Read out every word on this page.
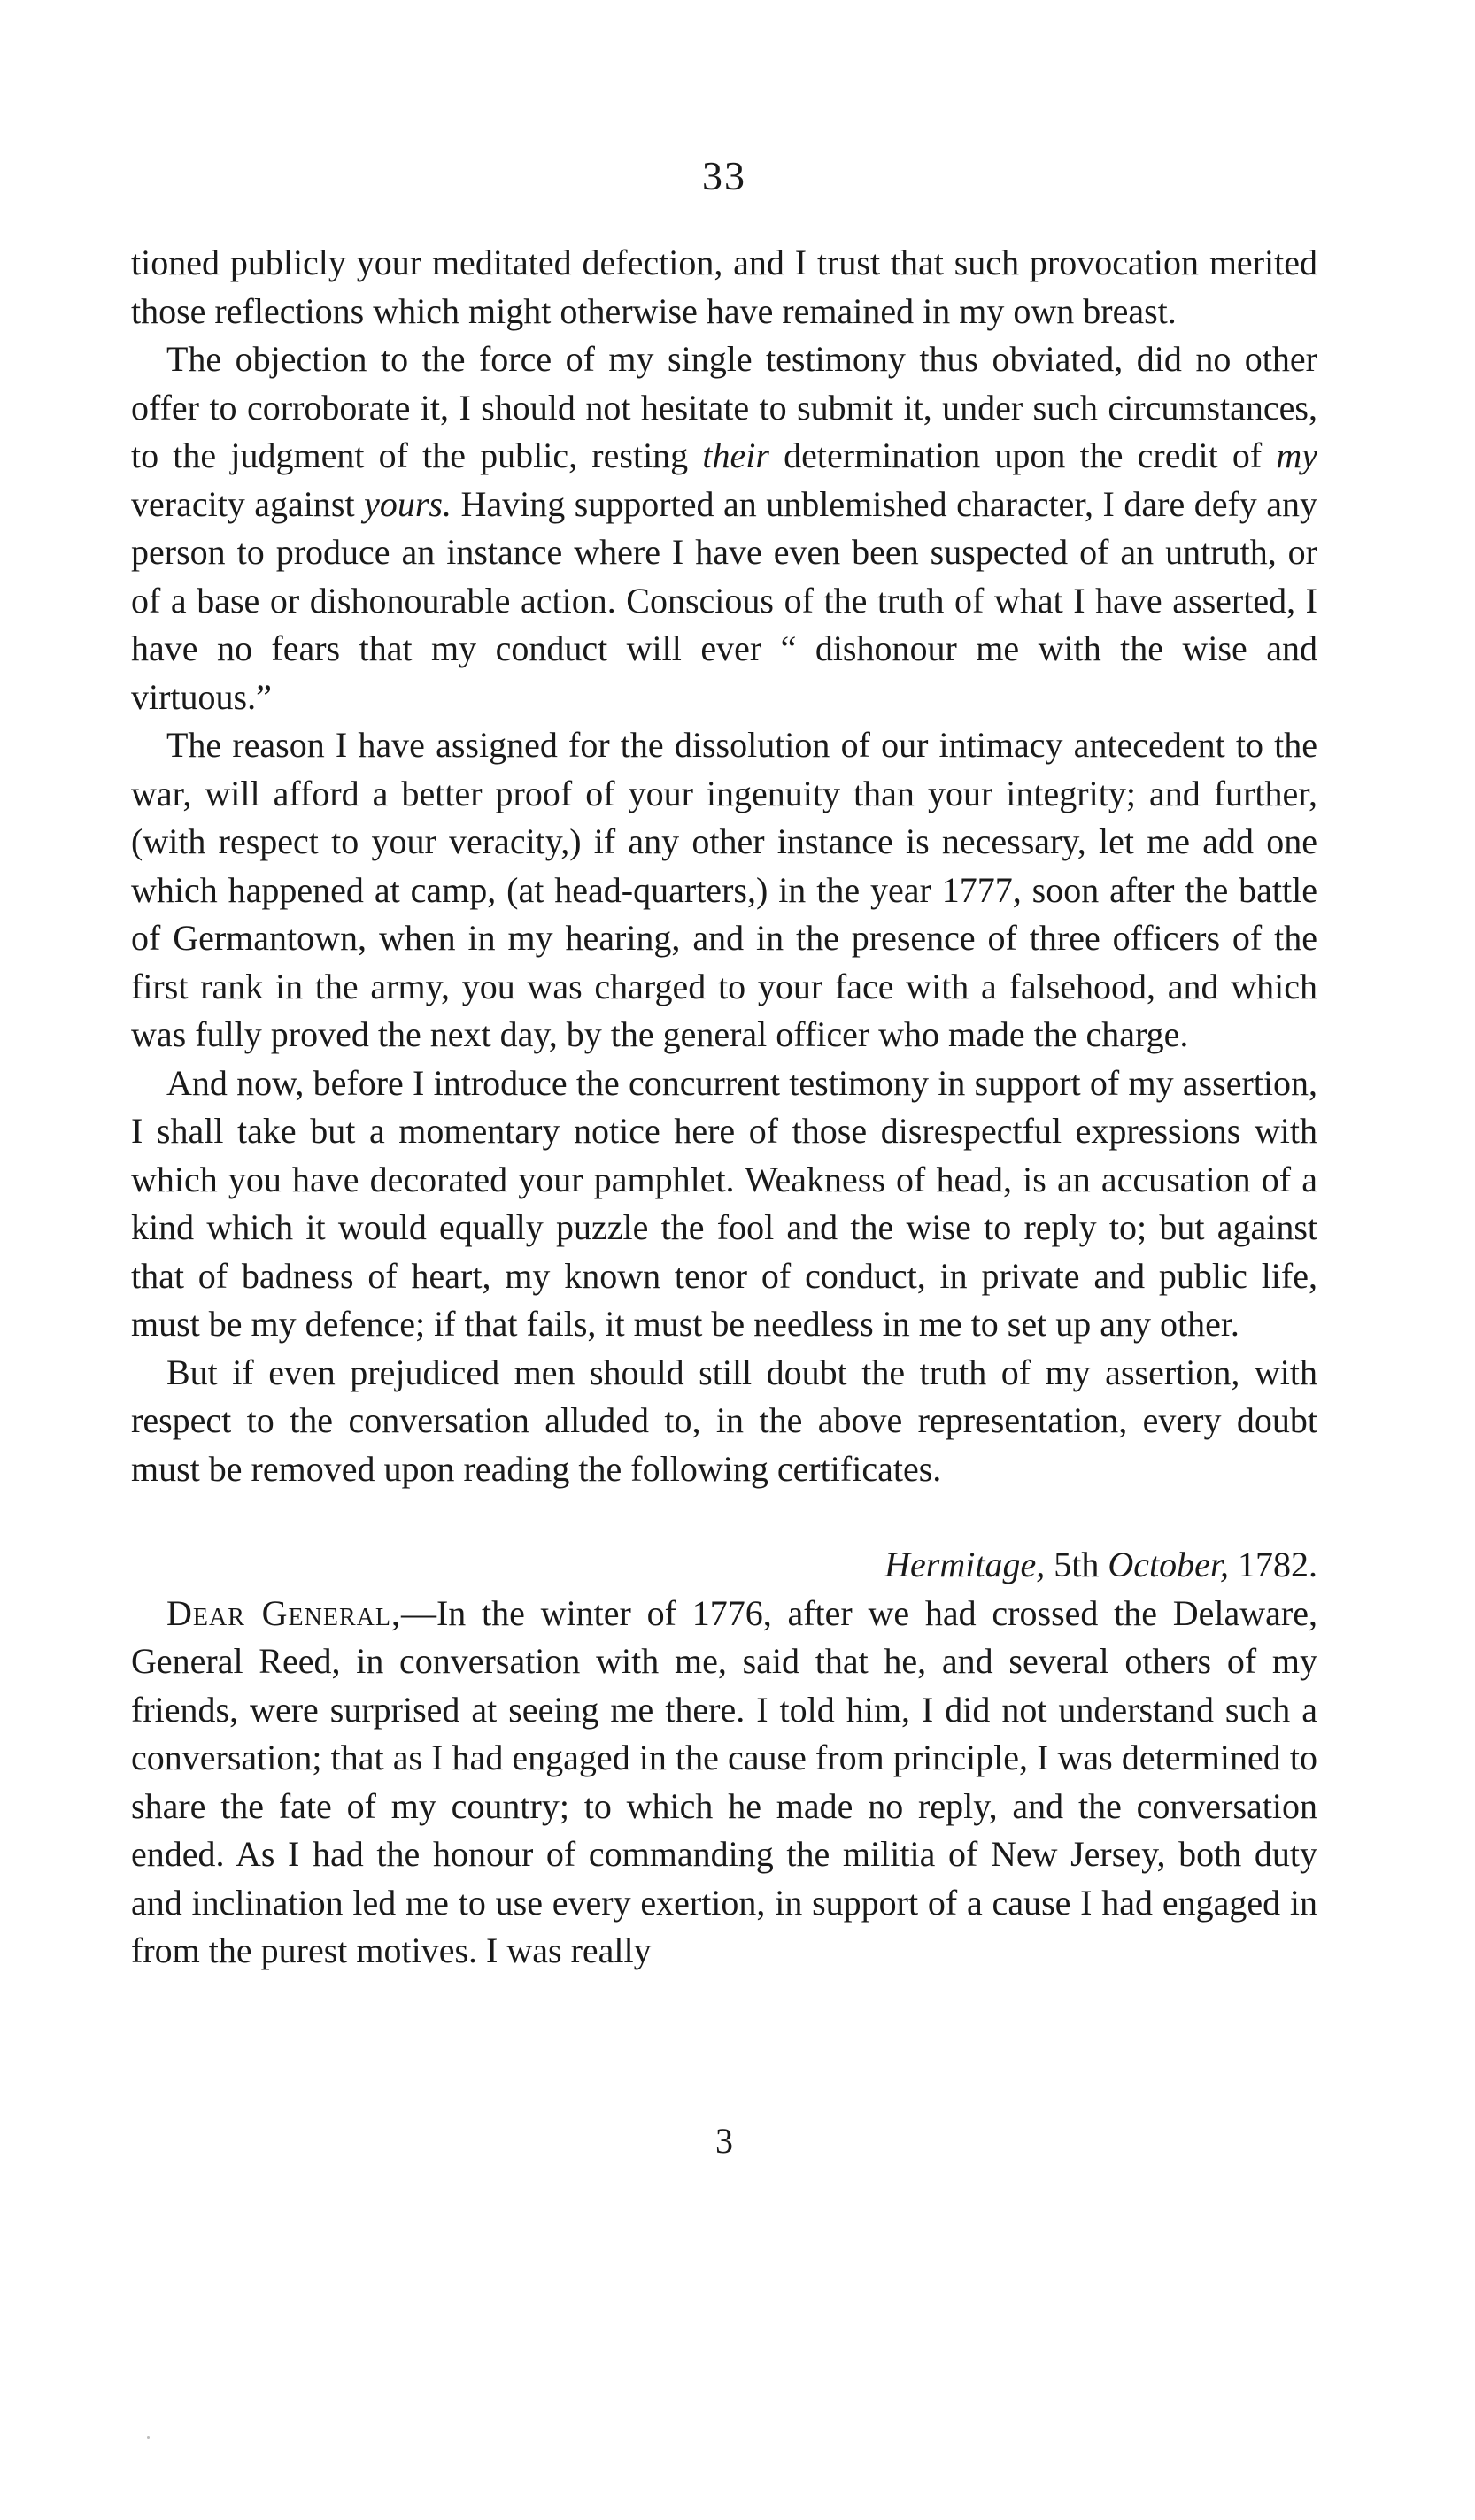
33

tioned publicly your meditated defection, and I trust that such provocation merited those reflections which might otherwise have remained in my own breast.

The objection to the force of my single testimony thus obviated, did no other offer to corroborate it, I should not hesitate to submit it, under such circumstances, to the judgment of the public, resting their determination upon the credit of my veracity against yours. Having supported an unblemished character, I dare defy any person to produce an instance where I have even been suspected of an untruth, or of a base or dishonourable action. Conscious of the truth of what I have asserted, I have no fears that my conduct will ever “ dishonour me with the wise and virtuous.”

The reason I have assigned for the dissolution of our intimacy antecedent to the war, will afford a better proof of your ingenuity than your integrity; and further, (with respect to your veracity,) if any other instance is necessary, let me add one which happened at camp, (at head-quarters,) in the year 1777, soon after the battle of Germantown, when in my hearing, and in the presence of three officers of the first rank in the army, you was charged to your face with a falsehood, and which was fully proved the next day, by the general officer who made the charge.

And now, before I introduce the concurrent testimony in support of my assertion, I shall take but a momentary notice here of those disrespectful expressions with which you have decorated your pamphlet. Weakness of head, is an accusation of a kind which it would equally puzzle the fool and the wise to reply to; but against that of badness of heart, my known tenor of conduct, in private and public life, must be my defence; if that fails, it must be needless in me to set up any other.

But if even prejudiced men should still doubt the truth of my assertion, with respect to the conversation alluded to, in the above representation, every doubt must be removed upon reading the following certificates.

Hermitage, 5th October, 1782.

Dear General,—In the winter of 1776, after we had crossed the Delaware, General Reed, in conversation with me, said that he, and several others of my friends, were surprised at seeing me there. I told him, I did not understand such a conversation; that as I had engaged in the cause from principle, I was determined to share the fate of my country; to which he made no reply, and the conversation ended. As I had the honour of commanding the militia of New Jersey, both duty and inclination led me to use every exertion, in support of a cause I had engaged in from the purest motives. I was really

3
